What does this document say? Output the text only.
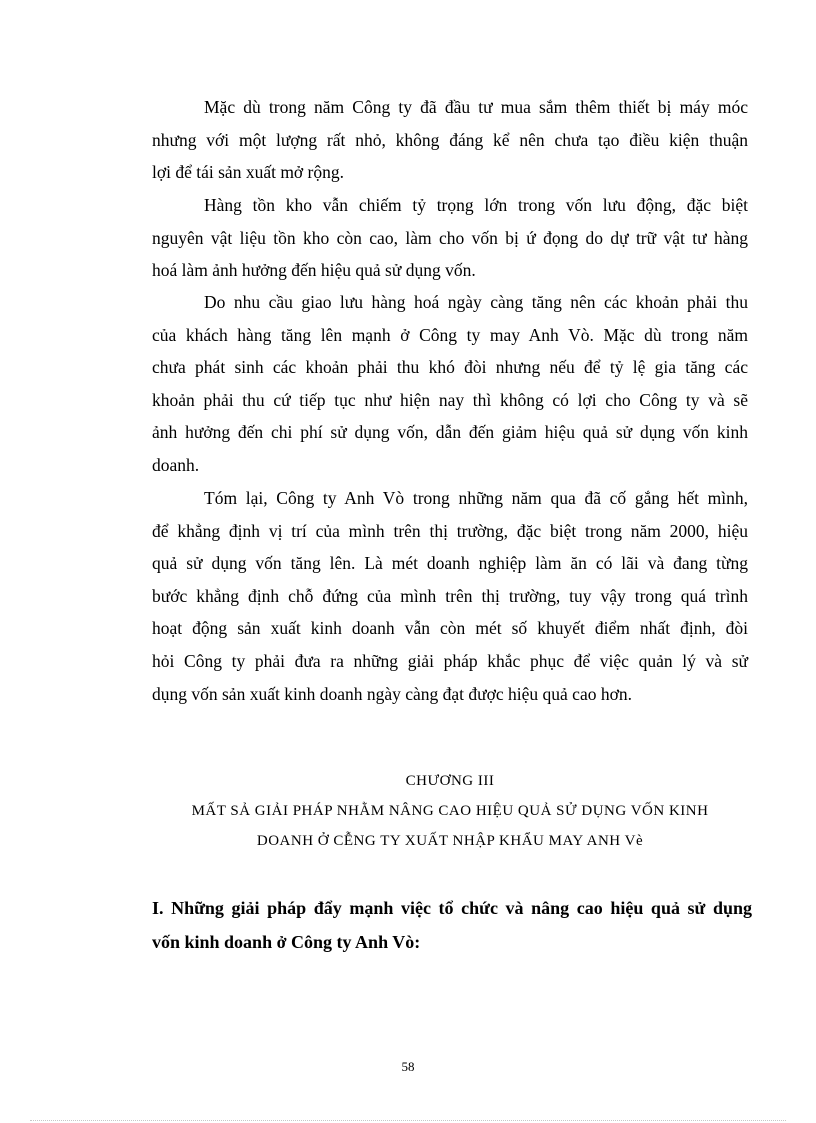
Mặc dù trong năm Công ty đã đầu tư mua sắm thêm thiết bị máy móc
nhưng với một lượng rất nhỏ, không đáng kể nên chưa tạo điều kiện thuận
lợi để tái sản xuất mở rộng.

Hàng tồn kho vẫn chiếm tỷ trọng lớn trong vốn lưu động, đặc biệt
nguyên vật liệu tồn kho còn cao, làm cho vốn bị ứ đọng do dự trữ vật tư hàng
hoá làm ảnh hưởng đến hiệu quả sử dụng vốn.

Do nhu cầu giao lưu hàng hoá ngày càng tăng nên các khoản phải thu
của khách hàng tăng lên mạnh ở Công ty may Anh Vò. Mặc dù trong năm
chưa phát sinh các khoản phải thu khó đòi nhưng nếu để tỷ lệ gia tăng các
khoản phải thu cứ tiếp tục như hiện nay thì không có lợi cho Công ty và sẽ
ảnh hưởng đến chi phí sử dụng vốn, dẫn đến giảm hiệu quả sử dụng vốn kinh
doanh.

Tóm lại, Công ty Anh Vò trong những năm qua đã cố gắng hết mình,
để khẳng định vị trí của mình trên thị trường, đặc biệt trong năm 2000, hiệu
quả sử dụng vốn tăng lên. Là mét doanh nghiệp làm ăn có lãi và đang từng
bước khẳng định chỗ đứng của mình trên thị trường, tuy vậy trong quá trình
hoạt động sản xuất kinh doanh vẫn còn mét số khuyết điểm nhất định, đòi
hỏi Công ty phải đưa ra những giải pháp khắc phục để việc quản lý và sử
dụng vốn sản xuất kinh doanh ngày càng đạt được hiệu quả cao hơn.

CHƯƠNG III
MẤT SẢ GIẢI PHÁP NHẰM NÂNG CAO HIỆU QUẢ SỬ DỤNG VỐN KINH
DOANH Ở CỄNG TY XUẤT NHẬP KHẨU MAY ANH Vè
I. Những giải pháp đẩy mạnh việc tổ chức và nâng cao hiệu quả sử dụng
vốn kinh doanh ở Công ty Anh Vò:
58
